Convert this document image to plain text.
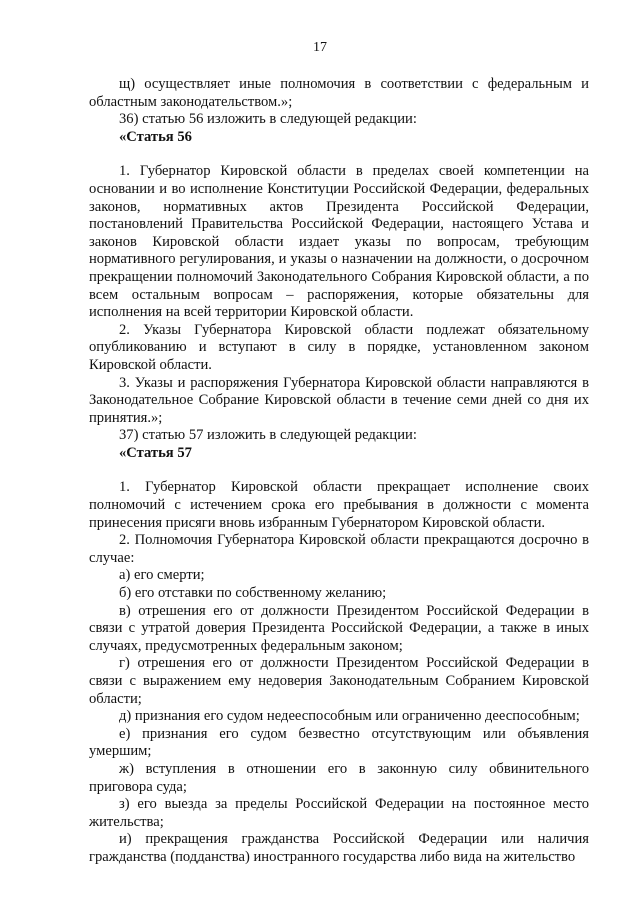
17

щ) осуществляет иные полномочия в соответствии с федеральным и областным законодательством.»;

36) статью 56 изложить в следующей редакции:

«Статья 56

1. Губернатор Кировской области в пределах своей компетенции на основании и во исполнение Конституции Российской Федерации, федеральных законов, нормативных актов Президента Российской Федерации, постановлений Правительства Российской Федерации, настоящего Устава и законов Кировской области издает указы по вопросам, требующим нормативного регулирования, и указы о назначении на должности, о досрочном прекращении полномочий Законодательного Собрания Кировской области, а по всем остальным вопросам – распоряжения, которые обязательны для исполнения на всей территории Кировской области.

2. Указы Губернатора Кировской области подлежат обязательному опубликованию и вступают в силу в порядке, установленном законом Кировской области.

3. Указы и распоряжения Губернатора Кировской области направляются в Законодательное Собрание Кировской области в течение семи дней со дня их принятия.»;

37) статью 57 изложить в следующей редакции:

«Статья 57

1. Губернатор Кировской области прекращает исполнение своих полномочий с истечением срока его пребывания в должности с момента принесения присяги вновь избранным Губернатором Кировской области.

2. Полномочия Губернатора Кировской области прекращаются досрочно в случае:

а) его смерти;

б) его отставки по собственному желанию;

в) отрешения его от должности Президентом Российской Федерации в связи с утратой доверия Президента Российской Федерации, а также в иных случаях, предусмотренных федеральным законом;

г) отрешения его от должности Президентом Российской Федерации в связи с выражением ему недоверия Законодательным Собранием Кировской области;

д) признания его судом недееспособным или ограниченно дееспособным;

е) признания его судом безвестно отсутствующим или объявления умершим;

ж) вступления в отношении его в законную силу обвинительного приговора суда;

з) его выезда за пределы Российской Федерации на постоянное место жительства;

и) прекращения гражданства Российской Федерации или наличия гражданства (подданства) иностранного государства либо вида на жительство
